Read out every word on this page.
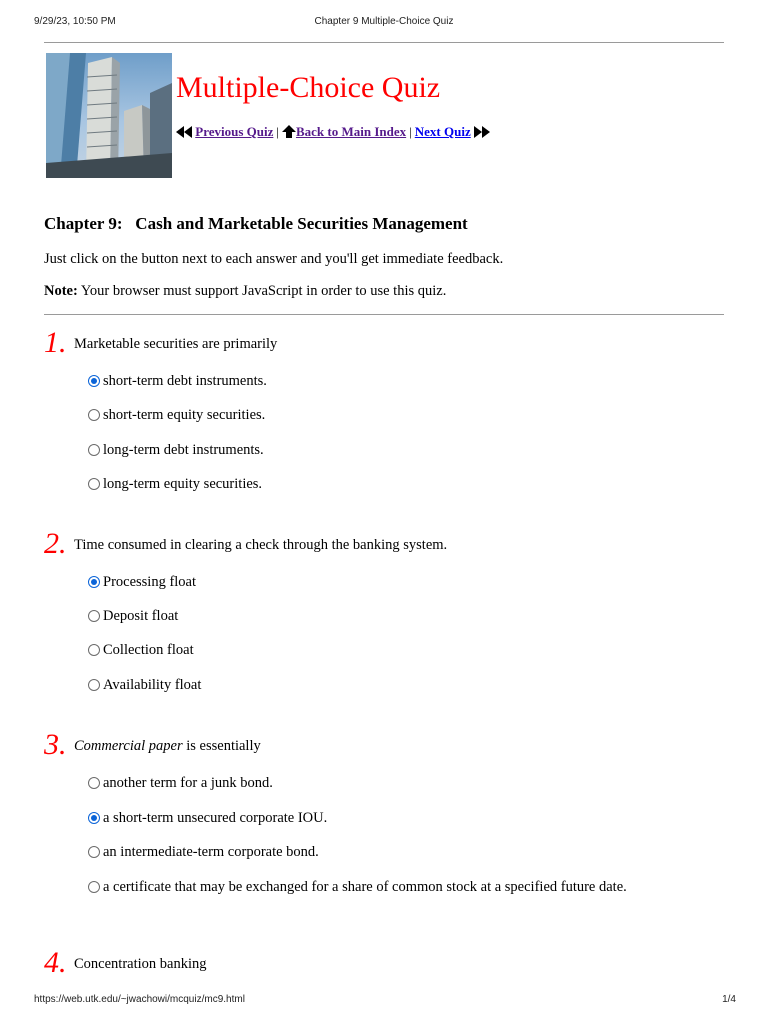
9/29/23, 10:50 PM	Chapter 9 Multiple-Choice Quiz
Multiple-Choice Quiz
Previous Quiz | Back to Main Index | Next Quiz
Chapter 9: Cash and Marketable Securities Management
Just click on the button next to each answer and you'll get immediate feedback.
Note: Your browser must support JavaScript in order to use this quiz.
1. Marketable securities are primarily
short-term debt instruments.
short-term equity securities.
long-term debt instruments.
long-term equity securities.
2. Time consumed in clearing a check through the banking system.
Processing float
Deposit float
Collection float
Availability float
3. Commercial paper is essentially
another term for a junk bond.
a short-term unsecured corporate IOU.
an intermediate-term corporate bond.
a certificate that may be exchanged for a share of common stock at a specified future date.
4. Concentration banking
https://web.utk.edu/~jwachowi/mcquiz/mc9.html	1/4
